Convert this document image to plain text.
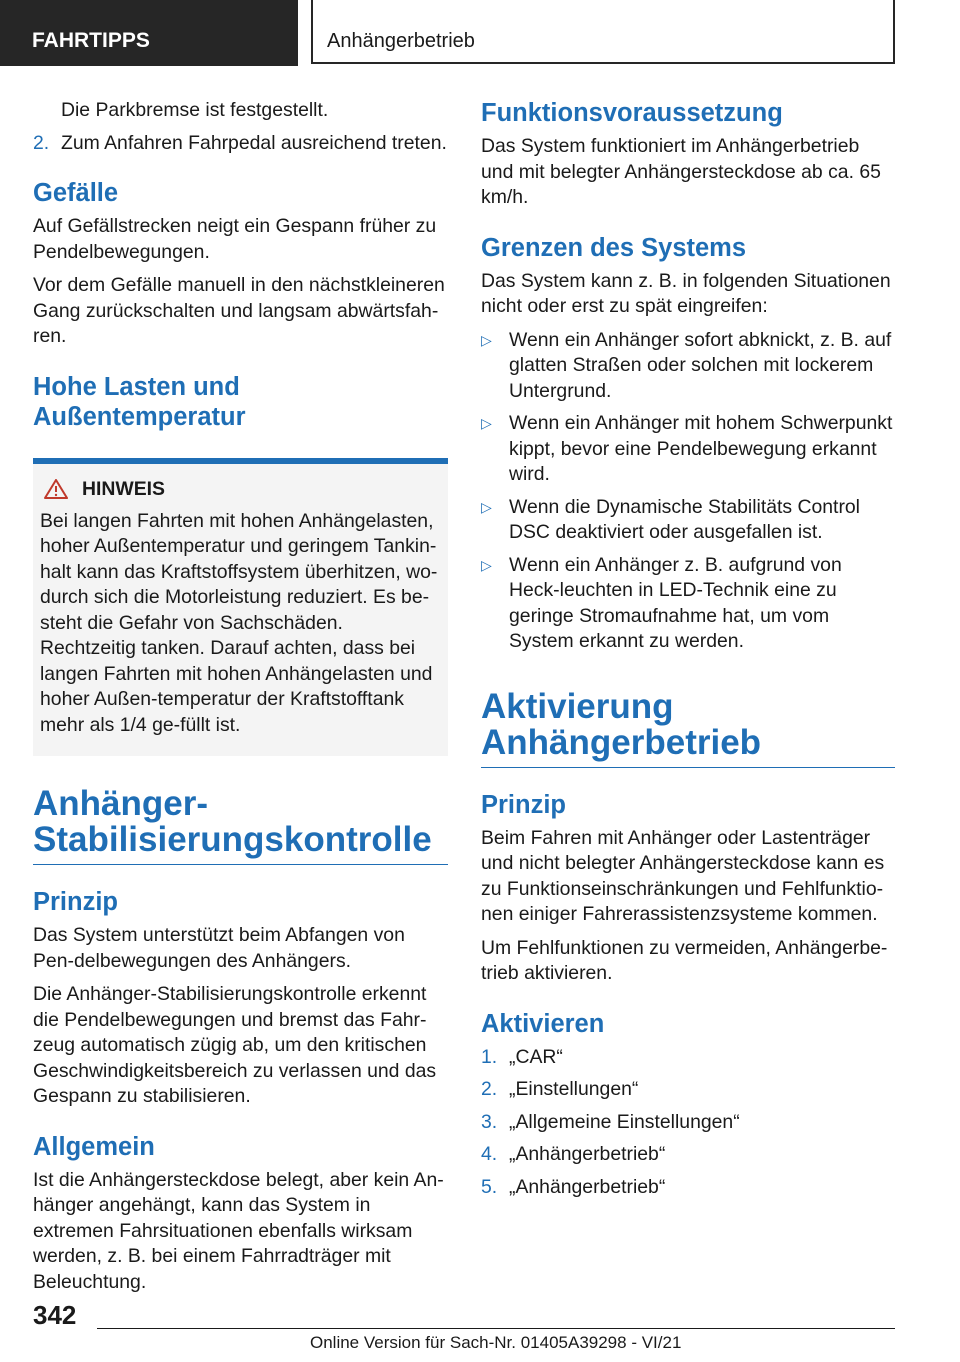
FAHRTIPPS	Anhängerbetrieb
Die Parkbremse ist festgestellt.
2. Zum Anfahren Fahrpedal ausreichend treten.
Gefälle

Auf Gefällstrecken neigt ein Gespann früher zu Pendelbewegungen.

Vor dem Gefälle manuell in den nächstkleineren Gang zurückschalten und langsam abwärtsfah-ren.

Hohe Lasten und Außentemperatur
HINWEIS

Bei langen Fahrten mit hohen Anhängelasten, hoher Außentemperatur und geringem Tankin-halt kann das Kraftstoffsystem überhitzen, wo-durch sich die Motorleistung reduziert. Es be-steht die Gefahr von Sachschäden. Rechtzeitig tanken. Darauf achten, dass bei langen Fahrten mit hohen Anhängelasten und hoher Außen-temperatur der Kraftstofftank mehr als 1/4 ge-füllt ist.

Anhänger-Stabilisierungskontrolle
Prinzip

Das System unterstützt beim Abfangen von Pen-delbewegungen des Anhängers.

Die Anhänger-Stabilisierungskontrolle erkennt die Pendelbewegungen und bremst das Fahr-zeug automatisch zügig ab, um den kritischen Geschwindigkeitsbereich zu verlassen und das Gespann zu stabilisieren.

Allgemein

Ist die Anhängersteckdose belegt, aber kein An-hänger angehängt, kann das System in extremen Fahrsituationen ebenfalls wirksam werden, z. B. bei einem Fahrradträger mit Beleuchtung.

Funktionsvoraussetzung

Das System funktioniert im Anhängerbetrieb und mit belegter Anhängersteckdose ab ca. 65 km/h.

Grenzen des Systems

Das System kann z. B. in folgenden Situationen nicht oder erst zu spät eingreifen:

▷ Wenn ein Anhänger sofort abknickt, z. B. auf glatten Straßen oder solchen mit lockerem Untergrund.
▷ Wenn ein Anhänger mit hohem Schwerpunkt kippt, bevor eine Pendelbewegung erkannt wird.
▷ Wenn die Dynamische Stabilitäts Control DSC deaktiviert oder ausgefallen ist.
▷ Wenn ein Anhänger z. B. aufgrund von Heck-leuchten in LED-Technik eine zu geringe Stromaufnahme hat, um vom System erkannt zu werden.
Aktivierung Anhängerbetrieb
Prinzip

Beim Fahren mit Anhänger oder Lastenträger und nicht belegter Anhängersteckdose kann es zu Funktionseinschränkungen und Fehlfunktio-nen einiger Fahrerassistenzsysteme kommen.

Um Fehlfunktionen zu vermeiden, Anhängerbe-trieb aktivieren.

Aktivieren
1. „CAR“
2. „Einstellungen“
3. „Allgemeine Einstellungen“
4. „Anhängerbetrieb“
5. „Anhängerbetrieb“
342
Online Version für Sach-Nr. 01405A39298 - VI/21
